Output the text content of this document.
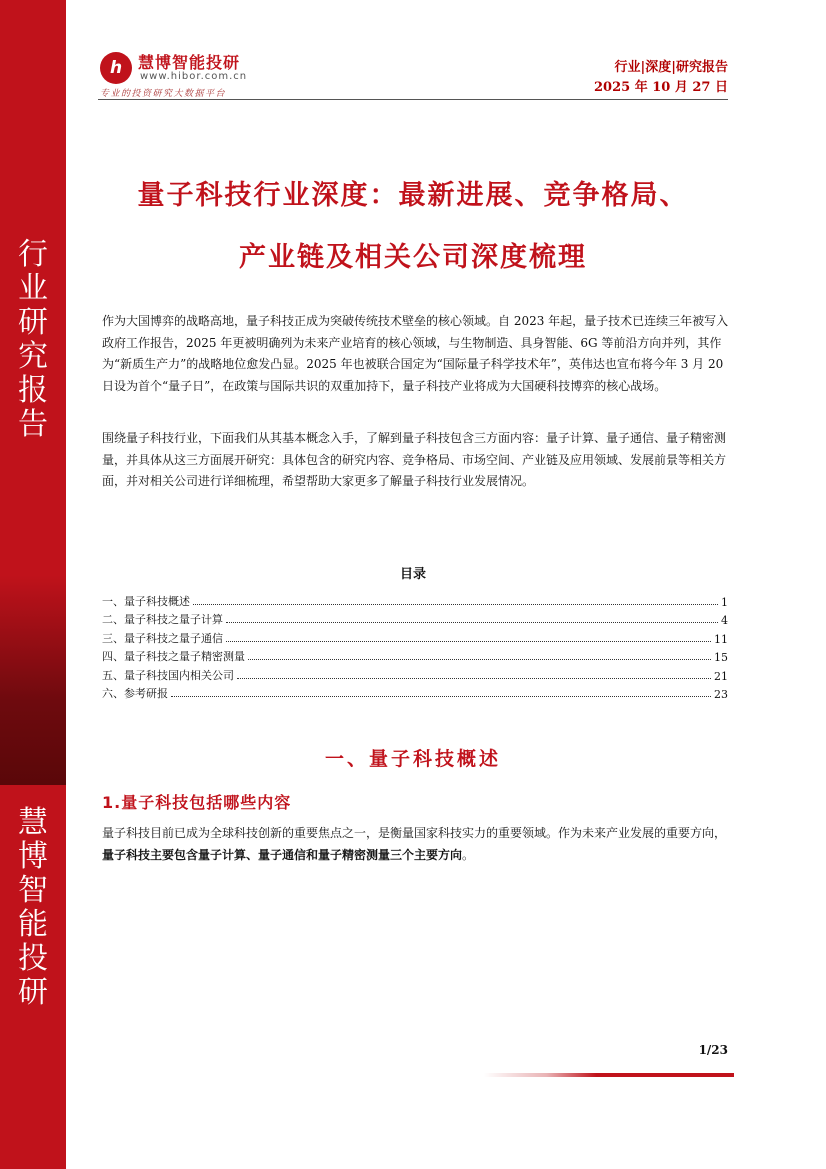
行业研究报告
慧博智能投研
h 慧博智能投研
www.hibor.com.cn
专业的投资研究大数据平台
行业|深度|研究报告
2025 年 10 月 27 日
量子科技行业深度：最新进展、竞争格局、
产业链及相关公司深度梳理
作为大国博弈的战略高地，量子科技正成为突破传统技术壁垒的核心领域。自 2023 年起，量子技术已连续三年被写入政府工作报告，2025 年更被明确列为未来产业培育的核心领域，与生物制造、具身智能、6G 等前沿方向并列，其作为“新质生产力”的战略地位愈发凸显。2025 年也被联合国定为“国际量子科学技术年”，英伟达也宣布将今年 3 月 20 日设为首个“量子日”，在政策与国际共识的双重加持下，量子科技产业将成为大国硬科技博弈的核心战场。
围绕量子科技行业，下面我们从其基本概念入手，了解到量子科技包含三方面内容：量子计算、量子通信、量子精密测量，并具体从这三方面展开研究：具体包含的研究内容、竞争格局、市场空间、产业链及应用领域、发展前景等相关方面，并对相关公司进行详细梳理，希望帮助大家更多了解量子科技行业发展情况。
目录
一、量子科技概述	1
二、量子科技之量子计算	4
三、量子科技之量子通信	11
四、量子科技之量子精密测量	15
五、量子科技国内相关公司	21
六、参考研报	23
一、量子科技概述
1.量子科技包括哪些内容
量子科技目前已成为全球科技创新的重要焦点之一，是衡量国家科技实力的重要领域。作为未来产业发展的重要方向，量子科技主要包含量子计算、量子通信和量子精密测量三个主要方向。
1/23
